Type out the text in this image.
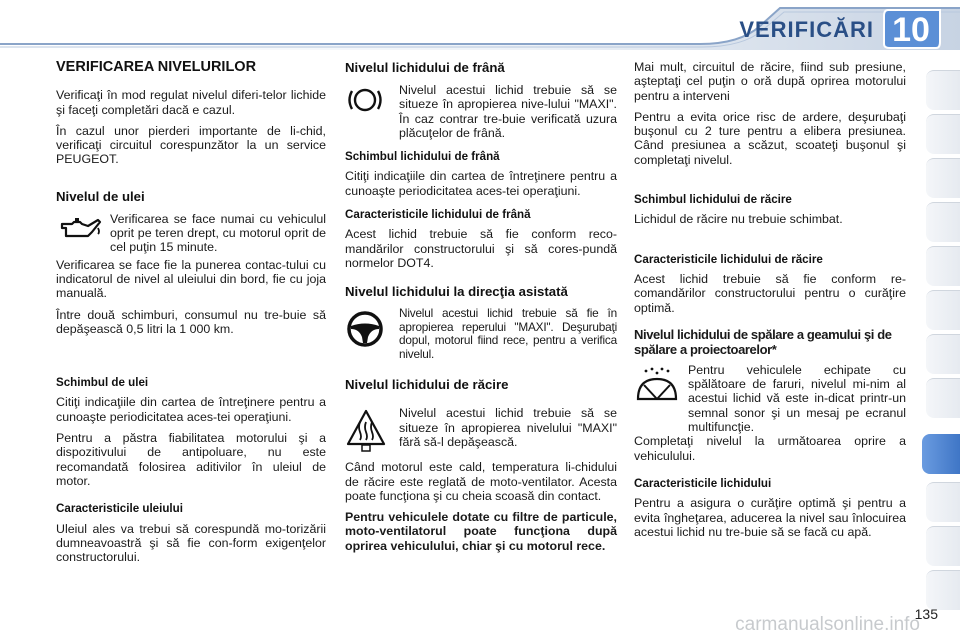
VERIFICĂRI 10
VERIFICAREA NIVELURILOR

Verificaţi în mod regulat nivelul diferi-telor lichide şi faceţi completări dacă e cazul.

În cazul unor pierderi importante de li-chid, verificaţi circuitul corespunzător la un service PEUGEOT.

Nivelul de ulei

Verificarea se face numai cu vehiculul oprit pe teren drept, cu motorul oprit de cel puţin 15 minute.

Verificarea se face fie la punerea contac-tului cu indicatorul de nivel al uleiului din bord, fie cu joja manuală.

Între două schimburi, consumul nu tre-buie să depăşească 0,5 litri la 1 000 km.

Schimbul de ulei

Citiţi indicaţiile din cartea de întreţinere pentru a cunoaşte periodicitatea aces-tei operaţiuni.

Pentru a păstra fiabilitatea motorului şi a dispozitivului de antipoluare, nu este recomandată folosirea aditivilor în uleiul de motor.

Caracteristicile uleiului

Uleiul ales va trebui să corespundă mo-torizării dumneavoastră şi să fie con-form exigenţelor constructorului.

Nivelul lichidului de frână

Nivelul acestui lichid trebuie să se situeze în apropierea nive-lului "MAXI". În caz contrar tre-buie verificată uzura plăcuţelor de frână.

Schimbul lichidului de frână

Citiţi indicaţiile din cartea de întreţinere pentru a cunoaşte periodicitatea aces-tei operaţiuni.

Caracteristicile lichidului de frână

Acest lichid trebuie să fie conform reco-mandărilor constructorului şi să cores-pundă normelor DOT4.

Nivelul lichidului la direcţia asistată

Nivelul acestui lichid trebuie să fie în apropierea reperului "MAXI". Deşurubaţi dopul, motorul fiind rece, pentru a verifica nivelul.

Nivelul lichidului de răcire

Nivelul acestui lichid trebuie să se situeze în apropierea nivelului "MAXI" fără să-l depăşească.

Când motorul este cald, temperatura li-chidului de răcire este reglată de moto-ventilator. Acesta poate funcţiona şi cu cheia scoasă din contact.

Pentru vehiculele dotate cu filtre de particule, moto-ventilatorul poate funcţiona după oprirea vehiculului, chiar şi cu motorul rece.

Mai mult, circuitul de răcire, fiind sub presiune, aşteptaţi cel puţin o oră după oprirea motorului pentru a interveni

Pentru a evita orice risc de ardere, deşurubaţi buşonul cu 2 ture pentru a elibera presiunea. Când presiunea a scăzut, scoateţi buşonul şi completaţi nivelul.

Schimbul lichidului de răcire

Lichidul de răcire nu trebuie schimbat.

Caracteristicile lichidului de răcire

Acest lichid trebuie să fie conform re-comandărilor constructorului pentru o curăţire optimă.

Nivelul lichidului de spălare a geamului şi de spălare a proiectoarelor*

Pentru vehiculele echipate cu spălătoare de faruri, nivelul mi-nim al acestui lichid vă este in-dicat printr-un semnal sonor şi un mesaj pe ecranul multifuncţie.

Completaţi nivelul la următoarea oprire a vehiculului.

Caracteristicile lichidului

Pentru a asigura o curăţire optimă şi pentru a evita îngheţarea, aducerea la nivel sau înlocuirea acestui lichid nu tre-buie să se facă cu apă.

carmanualsonline.info
135
